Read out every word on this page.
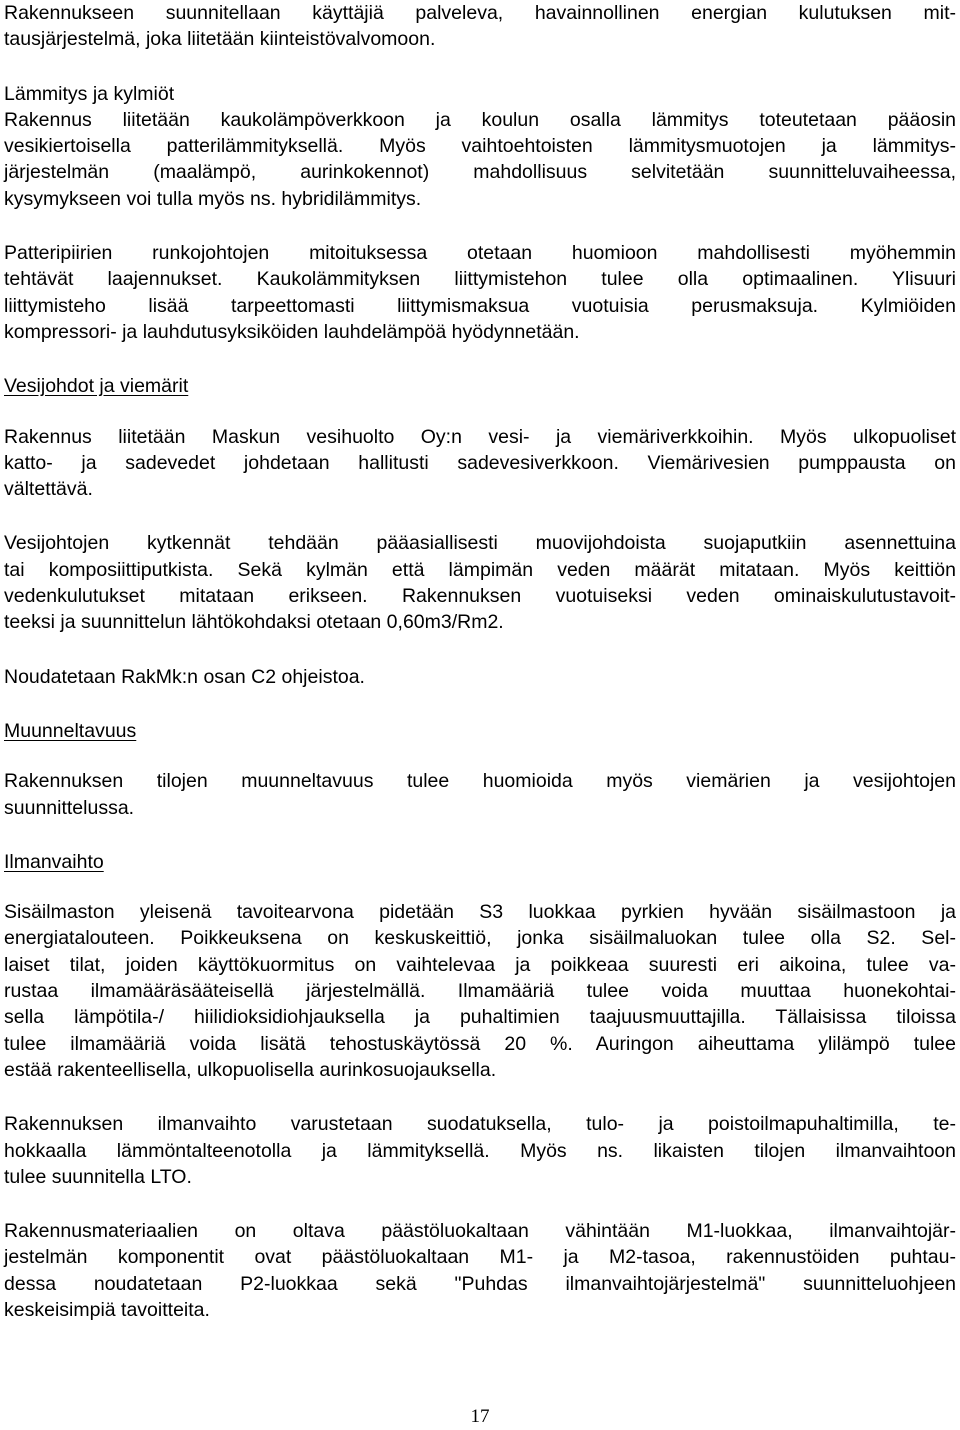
Rakennukseen suunnitellaan käyttäjiä palveleva, havainnollinen energian kulutuksen mit-
tausjärjestelmä, joka liitetään kiinteistövalvomoon.
Lämmitys ja kylmiöt
Rakennus liitetään kaukolämpöverkkoon ja koulun osalla lämmitys toteutetaan pääosin
vesikiertoisella patterilämmityksellä. Myös vaihtoehtoisten lämmitysmuotojen ja lämmitys-
järjestelmän (maalämpö, aurinkokennot) mahdollisuus selvitetään suunnitteluvaiheessa,
kysymykseen voi tulla myös ns. hybridilämmitys.
Patteripiirien runkojohtojen mitoituksessa otetaan huomioon mahdollisesti myöhemmin
tehtävät laajennukset. Kaukolämmityksen liittymistehon tulee olla optimaalinen. Ylisuuri
liittymisteho lisää tarpeettomasti liittymismaksua vuotuisia perusmaksuja. Kylmiöiden
kompressori- ja lauhdutusyksiköiden lauhdelämpöä hyödynnetään.
Vesijohdot ja viemärit
Rakennus liitetään Maskun vesihuolto Oy:n vesi- ja viemäriverkkoihin. Myös ulkopuoliset
katto- ja sadevedet johdetaan hallitusti sadevesiverkkoon. Viemärivesien pumppausta on
vältettävä.
Vesijohtojen kytkennät tehdään pääasiallisesti muovijohdoista suojaputkiin asennettuina
tai komposiittiputkista. Sekä kylmän että lämpimän veden määrät mitataan. Myös keittiön
vedenkulutukset mitataan erikseen. Rakennuksen vuotuiseksi veden ominaiskulutustavoit-
teeksi ja suunnittelun lähtökohdaksi otetaan 0,60m3/Rm2.
Noudatetaan RakMk:n osan C2 ohjeistoa.
Muunneltavuus
Rakennuksen tilojen muunneltavuus tulee huomioida myös viemärien ja vesijohtojen
suunnittelussa.
Ilmanvaihto
Sisäilmaston yleisenä tavoitearvona pidetään S3 luokkaa pyrkien hyvään sisäilmastoon ja
energiatalouteen. Poikkeuksena on keskuskeittiö, jonka sisäilmaluokan tulee olla S2. Sel-
laiset tilat, joiden käyttökuormitus on vaihtelevaa ja poikkeaa suuresti eri aikoina, tulee va-
rustaa ilmamääräsääteisellä järjestelmällä. Ilmamääriä tulee voida muuttaa huonekohtai-
sella lämpötila-/ hiilidioksidiohjauksella ja puhaltimien taajuusmuuttajilla. Tällaisissa tiloissa
tulee ilmamääriä voida lisätä tehostuskäytössä 20 %. Auringon aiheuttama ylilämpö tulee
estää rakenteellisella, ulkopuolisella aurinkosuojauksella.
Rakennuksen ilmanvaihto varustetaan suodatuksella, tulo- ja poistoilmapuhaltimilla, te-
hokkaalla lämmöntalteenotolla ja lämmityksellä. Myös ns. likaisten tilojen ilmanvaihtoon
tulee suunnitella LTO.
Rakennusmateriaalien on oltava päästöluokaltaan vähintään M1-luokkaa, ilmanvaihtojär-
jestelmän komponentit ovat päästöluokaltaan M1- ja M2-tasoa, rakennustöiden puhtau-
dessa noudatetaan P2-luokkaa sekä "Puhdas ilmanvaihtojärjestelmä" suunnitteluohjeen
keskeisimpiä tavoitteita.
17
